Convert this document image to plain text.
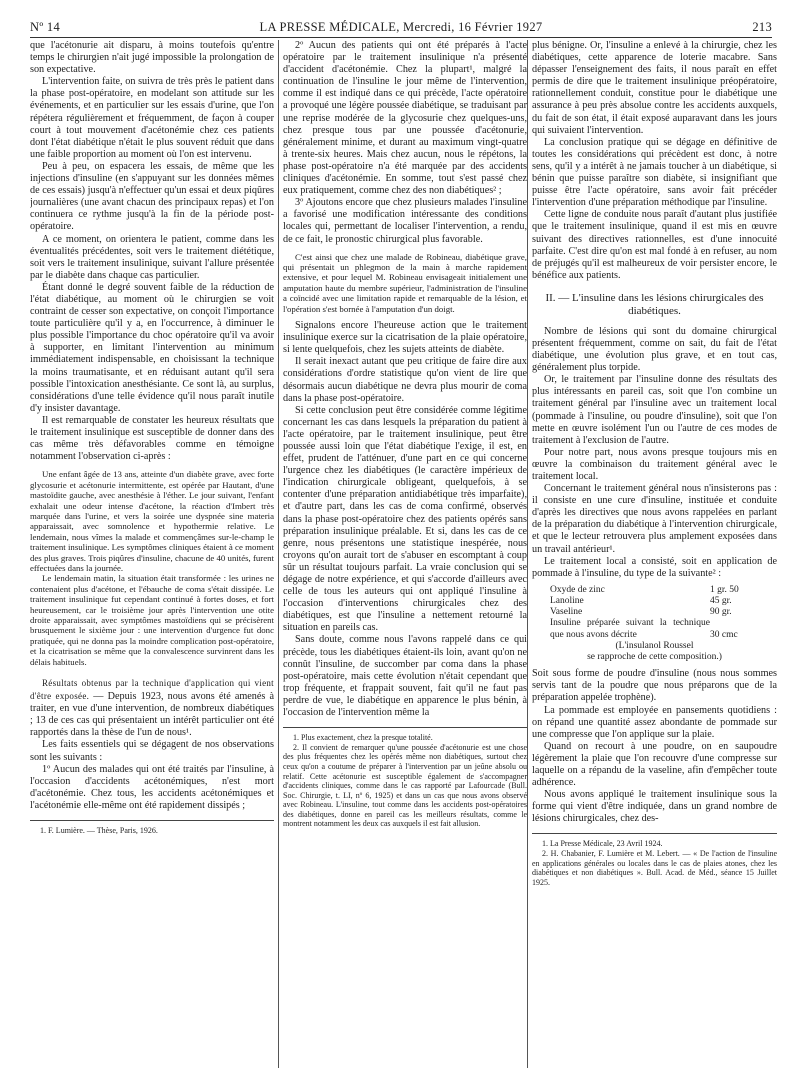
Nº 14	LA PRESSE MÉDICALE, Mercredi, 16 Février 1927	213

que l'acétonurie ait disparu, à moins toutefois qu'entre temps le chirurgien n'ait jugé impossible la prolongation de son expectative.

L'intervention faite, on suivra de très près le patient dans la phase post-opératoire, en modelant son attitude sur les événements, et en particulier sur les essais d'urine, que l'on répétera régulièrement et fréquemment, de façon à couper court à tout mouvement d'acétonémie chez ces patients dont l'état diabétique n'était le plus souvent réduit que dans une faible proportion au moment où l'on est intervenu.

Peu à peu, on espacera les essais, de même que les injections d'insuline (en s'appuyant sur les données mêmes de ces essais) jusqu'à n'effectuer qu'un essai et deux piqûres journalières (une avant chacun des principaux repas) et l'on continuera ce rythme jusqu'à la fin de la période post-opératoire.

A ce moment, on orientera le patient, comme dans les éventualités précédentes, soit vers le traitement diététique, soit vers le traitement insulinique, suivant l'allure présentée par le diabète dans chaque cas particulier.

Étant donné le degré souvent faible de la réduction de l'état diabétique, au moment où le chirurgien se voit contraint de cesser son expectative, on conçoit l'importance toute particulière qu'il y a, en l'occurrence, à diminuer le plus possible l'importance du choc opératoire qu'il va avoir à supporter, en limitant l'intervention au minimum immédiatement indispensable, en choisissant la technique la moins traumatisante, et en réduisant autant qu'il sera possible l'intoxication anesthésiante. Ce sont là, au surplus, considérations d'une telle évidence qu'il nous paraît inutile d'y insister davantage.

Il est remarquable de constater les heureux résultats que le traitement insulinique est susceptible de donner dans des cas même très défavorables comme en témoigne notamment l'observation ci-après :

Une enfant âgée de 13 ans, atteinte d'un diabète grave, avec forte glycosurie et acétonurie intermittente, est opérée par Hautant, d'une mastoïdite gauche, avec anesthésie à l'éther. Le jour suivant, l'enfant exhalait une odeur intense d'acétone, la réaction d'Imbert très marquée dans l'urine, et vers la soirée une dyspnée sine materia apparaissait, avec somnolence et hypothermie relative. Le lendemain, nous vîmes la malade et commençâmes sur-le-champ le traitement insulinique. Les symptômes cliniques étaient à ce moment des plus graves. Trois piqûres d'insuline, chacune de 40 unités, furent effectuées dans la journée.

Le lendemain matin, la situation était transformée : les urines ne contenaient plus d'acétone, et l'ébauche de coma s'était dissipée. Le traitement insulinique fut cependant continué à fortes doses, et fort heureusement, car le troisième jour après l'intervention une otite droite apparaissait, avec symptômes mastoïdiens qui se précisèrent brusquement le sixième jour : une intervention d'urgence fut donc pratiquée, qui ne donna pas la moindre complication post-opératoire, et la cicatrisation se même que la convalescence survinrent dans les délais habituels.

Résultats obtenus par la technique d'application qui vient d'être exposée. — Depuis 1923, nous avons été amenés à traiter, en vue d'une intervention, de nombreux diabétiques ; 13 de ces cas qui présentaient un intérêt particulier ont été rapportés dans la thèse de l'un de nous¹.

Les faits essentiels qui se dégagent de nos observations sont les suivants :

1º Aucun des malades qui ont été traités par l'insuline, à l'occasion d'accidents acétonémiques, n'est mort d'acétonémie. Chez tous, les accidents acétonémiques et l'acétonémie elle-même ont été rapidement dissipés ;

1. F. Lumière. — Thèse, Paris, 1926.

2º Aucun des patients qui ont été préparés à l'acte opératoire par le traitement insulinique n'a présenté d'accident d'acétonémie. Chez la plupart¹, malgré la continuation de l'insuline le jour même de l'intervention, comme il est indiqué dans ce qui précède, l'acte opératoire a provoqué une légère poussée diabétique, se traduisant par une reprise modérée de la glycosurie chez quelques-uns, chez presque tous par une poussée d'acétonurie, généralement minime, et durant au maximum vingt-quatre à trente-six heures. Mais chez aucun, nous le répétons, la phase post-opératoire n'a été marquée par des accidents cliniques d'acétonémie. En somme, tout s'est passé chez eux pratiquement, comme chez des non diabétiques² ;

3º Ajoutons encore que chez plusieurs malades l'insuline a favorisé une modification intéressante des conditions locales qui, permettant de localiser l'intervention, a rendu, de ce fait, le pronostic chirurgical plus favorable.

C'est ainsi que chez une malade de Robineau, diabétique grave, qui présentait un phlegmon de la main à marche rapidement extensive, et pour lequel M. Robineau envisageait initialement une amputation haute du membre supérieur, l'administration de l'insuline a coïncidé avec une limitation rapide et remarquable de la lésion, et l'opération s'est bornée à l'amputation d'un doigt.

Signalons encore l'heureuse action que le traitement insulinique exerce sur la cicatrisation de la plaie opératoire, si lente quelquefois, chez les sujets atteints de diabète.

Il serait inexact autant que peu critique de faire dire aux considérations d'ordre statistique qu'on vient de lire que désormais aucun diabétique ne devra plus mourir de coma dans la phase post-opératoire.

Si cette conclusion peut être considérée comme légitime concernant les cas dans lesquels la préparation du patient à l'acte opératoire, par le traitement insulinique, peut être poussée aussi loin que l'état diabétique l'exige, il est, en effet, prudent de l'atténuer, d'une part en ce qui concerne l'urgence chez les diabétiques (le caractère impérieux de l'indication chirurgicale obligeant, quelquefois, à se contenter d'une préparation antidiabétique très imparfaite), et d'autre part, dans les cas de coma confirmé, observés dans la phase post-opératoire chez des patients opérés sans préparation insulinique préalable. Et si, dans les cas de ce genre, nous présentons une statistique inespérée, nous croyons qu'on aurait tort de s'abuser en escomptant à coup sûr un résultat toujours parfait. La vraie conclusion qui se dégage de notre expérience, et qui s'accorde d'ailleurs avec celle de tous les auteurs qui ont appliqué l'insuline à l'occasion d'interventions chirurgicales chez des diabétiques, est que l'insuline a nettement retourné la situation en pareils cas.

Sans doute, comme nous l'avons rappelé dans ce qui précède, tous les diabétiques étaient-ils loin, avant qu'on ne connût l'insuline, de succomber par coma dans la phase post-opératoire, mais cette évolution n'était cependant que trop fréquente, et frappait souvent, fait qu'il ne faut pas perdre de vue, le diabétique en apparence le plus bénin, à l'occasion de l'intervention même la

1. Plus exactement, chez la presque totalité.

2. Il convient de remarquer qu'une poussée d'acétonurie est une chose des plus fréquentes chez les opérés même non diabétiques, surtout chez ceux qu'on a coutume de préparer à l'intervention par un jeûne absolu ou relatif. Cette acétonurie est susceptible également de s'accompagner d'accidents cliniques, comme dans le cas rapporté par Lafourcade (Bull. Soc. Chirurgie, t. LI, nº 6, 1925) et dans un cas que nous avons observé avec Robineau. L'insuline, tout comme dans les accidents post-opératoires des diabétiques, donne en pareil cas les meilleurs résultats, comme le montrent notamment les deux cas auxquels il est fait allusion.

plus bénigne. Or, l'insuline a enlevé à la chirurgie, chez les diabétiques, cette apparence de loterie macabre. Sans dépasser l'enseignement des faits, il nous paraît en effet permis de dire que le traitement insulinique préopératoire, rationnellement conduit, constitue pour le diabétique une assurance à peu près absolue contre les accidents auxquels, du fait de son état, il était exposé auparavant dans les jours qui suivaient l'intervention.

La conclusion pratique qui se dégage en définitive de toutes les considérations qui précèdent est donc, à notre sens, qu'il y a intérêt à ne jamais toucher à un diabétique, si bénin que puisse paraître son diabète, si insignifiant que puisse être l'acte opératoire, sans avoir fait précéder l'intervention d'une préparation méthodique par l'insuline.

Cette ligne de conduite nous paraît d'autant plus justifiée que le traitement insulinique, quand il est mis en œuvre suivant des directives rationnelles, est d'une innocuité parfaite. C'est dire qu'on est mal fondé à en refuser, au nom de préjugés qu'il est malheureux de voir persister encore, le bénéfice aux patients.

II. — L'insuline dans les lésions chirurgicales des diabétiques.

Nombre de lésions qui sont du domaine chirurgical présentent fréquemment, comme on sait, du fait de l'état diabétique, une évolution plus grave, et en tout cas, généralement plus torpide.

Or, le traitement par l'insuline donne des résultats des plus intéressants en pareil cas, soit que l'on combine un traitement général par l'insuline avec un traitement local (pommade à l'insuline, ou poudre d'insuline), soit que l'on mette en œuvre isolément l'un ou l'autre de ces modes de traitement à l'exclusion de l'autre.

Pour notre part, nous avons presque toujours mis en œuvre la combinaison du traitement général avec le traitement local.

Concernant le traitement général nous n'insisterons pas : il consiste en une cure d'insuline, instituée et conduite d'après les directives que nous avons rappelées en parlant de la préparation du diabétique à l'intervention chirurgicale, et que le lecteur retrouvera plus amplement exposées dans un travail antérieur¹.

Le traitement local a consisté, soit en application de pommade à l'insuline, du type de la suivante² :

Oxyde de zinc	1 gr. 50
Lanoline	45 gr.
Vaseline	90 gr.
Insuline préparée suivant la technique que nous avons décrite	30 cmc
(L'insulanol Roussel
se rapproche de cette composition.)

Soit sous forme de poudre d'insuline (nous nous sommes servis tant de la poudre que nous préparons que de la préparation appelée trophène).

La pommade est employée en pansements quotidiens : on répand une quantité assez abondante de pommade sur une compresse que l'on applique sur la plaie.

Quand on recourt à une poudre, on en saupoudre légèrement la plaie que l'on recouvre d'une compresse sur laquelle on a répandu de la vaseline, afin d'empêcher toute adhérence.

Nous avons appliqué le traitement insulinique sous la forme qui vient d'être indiquée, dans un grand nombre de lésions chirurgicales, chez des-

1. La Presse Médicale, 23 Avril 1924.

2. H. Chabanier, F. Lumière et M. Lebert. — « De l'action de l'insuline en applications générales ou locales dans le cas de plaies atones, chez les diabétiques et non diabétiques ». Bull. Acad. de Méd., séance 15 Juillet 1925.
